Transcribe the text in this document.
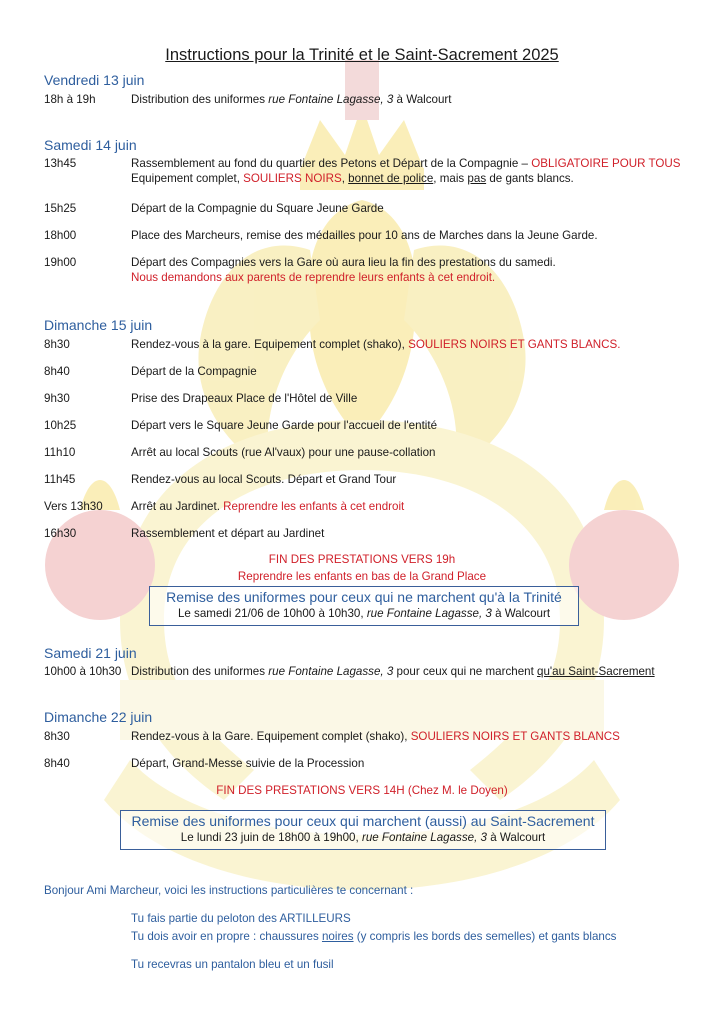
Instructions pour la Trinité et le Saint-Sacrement 2025
Vendredi 13 juin
18h à 19h	Distribution des uniformes rue Fontaine Lagasse, 3 à Walcourt
Samedi 14 juin
13h45	Rassemblement au fond du quartier des Petons et Départ de la Compagnie – OBLIGATOIRE POUR TOUS
Equipement complet, SOULIERS NOIRS, bonnet de police, mais pas de gants blancs.
15h25	Départ de la Compagnie du Square Jeune Garde
18h00	Place des Marcheurs, remise des médailles pour 10 ans de Marches dans la Jeune Garde.
19h00	Départ des Compagnies vers la Gare où aura lieu la fin des prestations du samedi.
Nous demandons aux parents de reprendre leurs enfants à cet endroit.
Dimanche 15 juin
8h30	Rendez-vous à la gare. Equipement complet (shako), SOULIERS NOIRS ET GANTS BLANCS.
8h40	Départ de la Compagnie
9h30	Prise des Drapeaux Place de l'Hôtel de Ville
10h25	Départ vers le Square Jeune Garde pour l'accueil de l'entité
11h10	Arrêt au local Scouts (rue Al'vaux) pour une pause-collation
11h45	Rendez-vous au local Scouts. Départ et Grand Tour
Vers 13h30	Arrêt au Jardinet. Reprendre les enfants à cet endroit
16h30	Rassemblement et départ au Jardinet
FIN DES PRESTATIONS VERS 19h
Reprendre les enfants en bas de la Grand Place
Remise des uniformes pour ceux qui ne marchent qu'à la Trinité
Le samedi 21/06 de 10h00 à 10h30, rue Fontaine Lagasse, 3 à Walcourt
Samedi 21 juin
10h00 à 10h30 Distribution des uniformes rue Fontaine Lagasse, 3 pour ceux qui ne marchent qu'au Saint-Sacrement
Dimanche 22 juin
8h30	Rendez-vous à la Gare. Equipement complet (shako), SOULIERS NOIRS ET GANTS BLANCS
8h40	Départ, Grand-Messe suivie de la Procession
FIN DES PRESTATIONS VERS 14H (Chez M. le Doyen)
Remise des uniformes pour ceux qui marchent (aussi) au Saint-Sacrement
Le lundi 23 juin de 18h00 à 19h00, rue Fontaine Lagasse, 3 à Walcourt
Bonjour Ami Marcheur, voici les instructions particulières te concernant :
Tu fais partie du peloton des ARTILLEURS
Tu dois avoir en propre : chaussures noires (y compris les bords des semelles) et gants blancs
Tu recevras un pantalon bleu et un fusil
